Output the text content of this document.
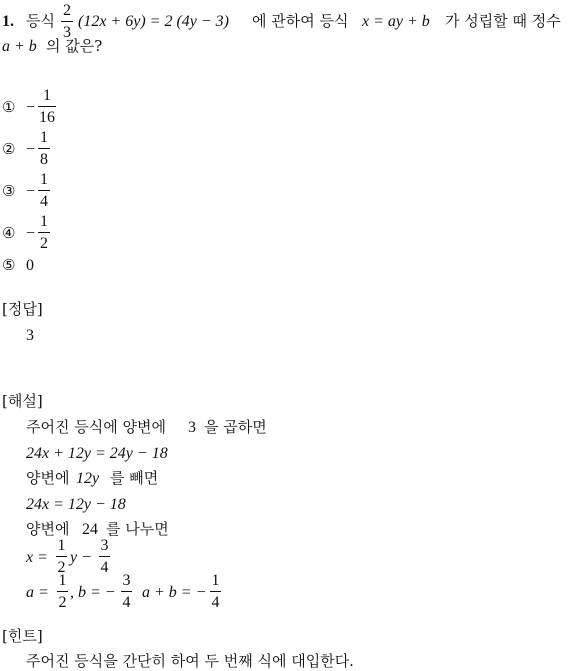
1. 등식
2
3
(12x + 6y) = 2 (4y − 3) 에 관하여 등식 x = ay + b 가 성립할 때 정수
a + b 의 값은?
① −
1
16
② −
1
8
③ −
1
4
④ −
1
2
⑤ 0
[정답]
3
[해설]
주어진 등식에 양변에 3 을 곱하면
24x + 12y = 24y − 18
양변에 12y 를 빼면
24x = 12y − 18
양변에 24 를 나누면
x =
1
2
y −
3
4
a =
1
2
, b = −
3
4
a + b = −
1
4
[힌트]
주어진 등식을 간단히 하여 두 번째 식에 대입한다.
